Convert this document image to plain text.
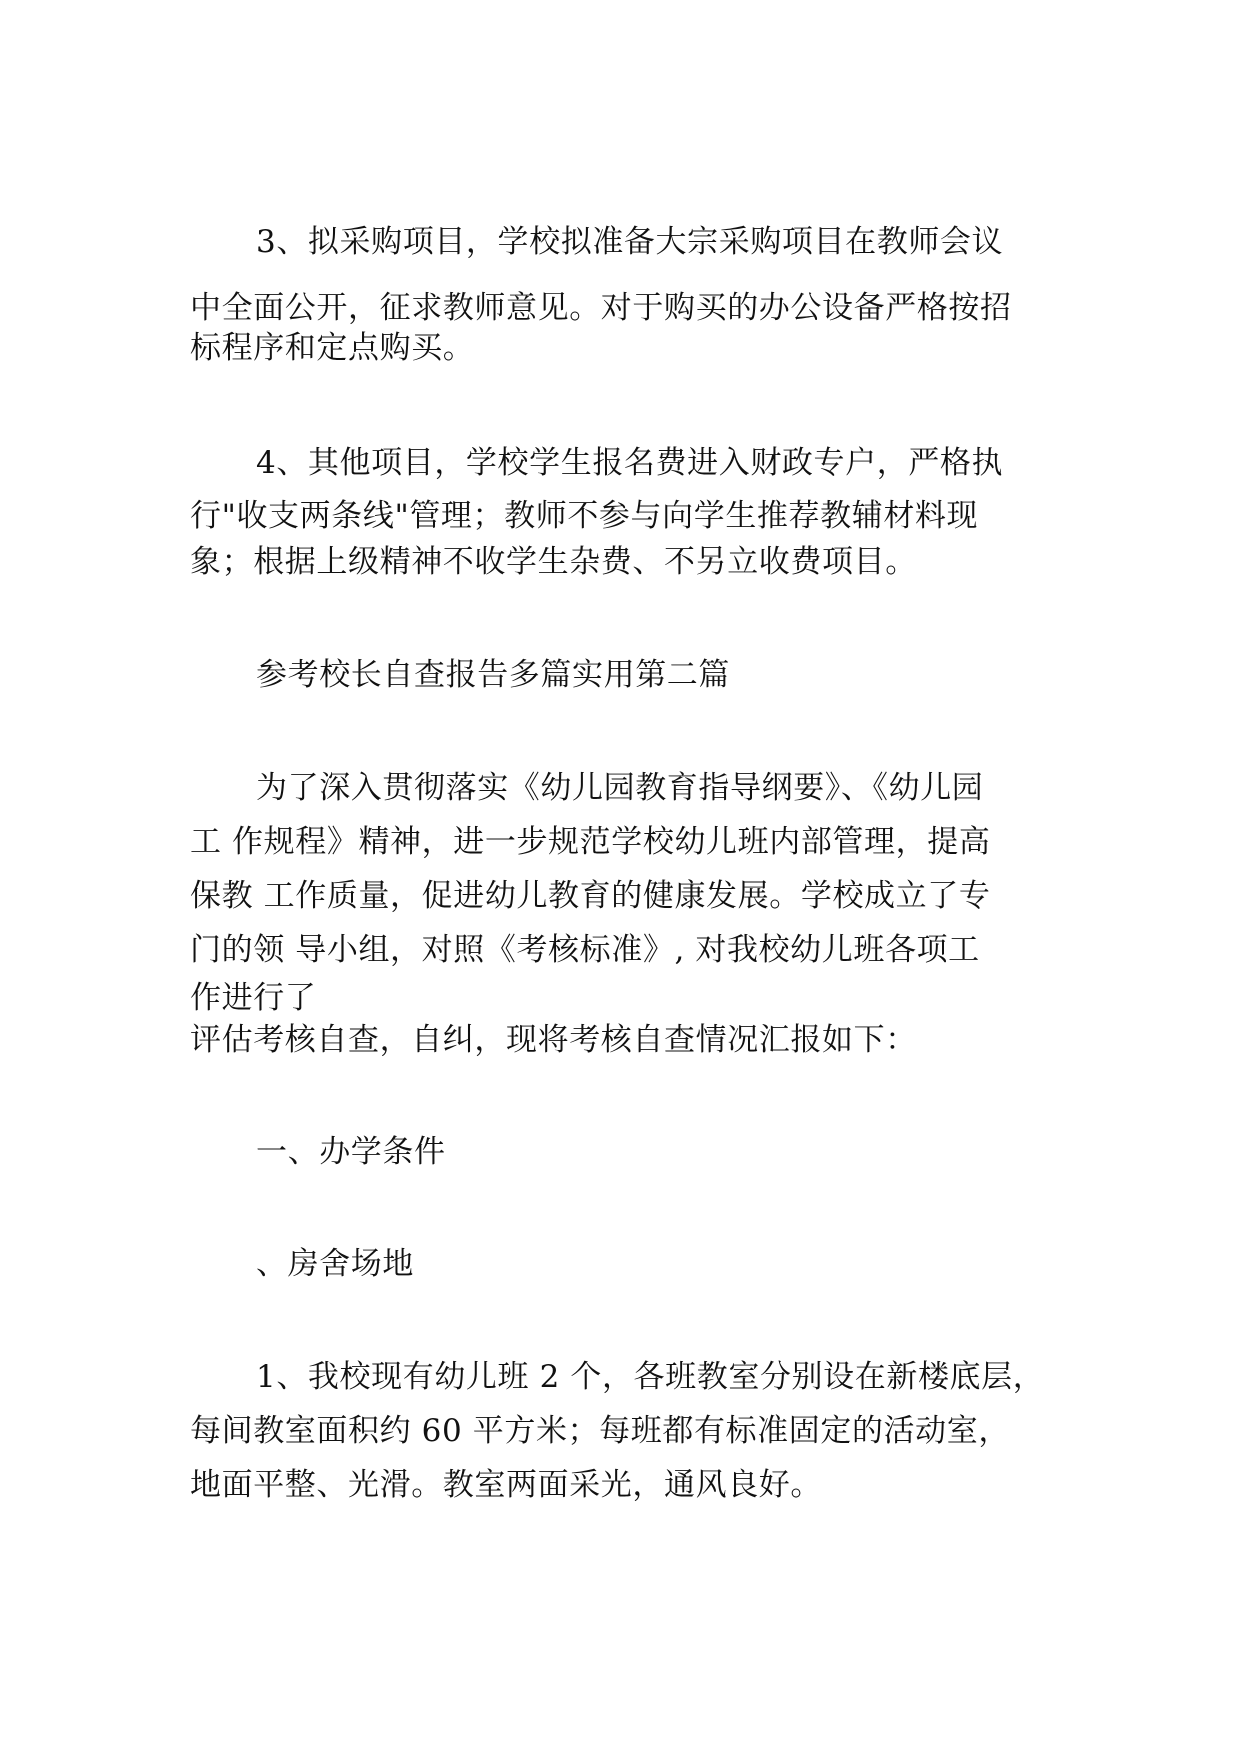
3、拟采购项目，学校拟准备大宗采购项目在教师会议
中全面公开，征求教师意见。对于购买的办公设备严格按招
标程序和定点购买。
4、其他项目，学校学生报名费进入财政专户，严格执
行"收支两条线"管理；教师不参与向学生推荐教辅材料现
象；根据上级精神不收学生杂费、不另立收费项目。
参考校长自查报告多篇实用第二篇
为了深入贯彻落实《幼儿园教育指导纲要》、《幼儿园
工 作规程》精神，进一步规范学校幼儿班内部管理，提高
保教 工作质量，促进幼儿教育的健康发展。学校成立了专
门的领 导小组，对照《考核标准》, 对我校幼儿班各项工
作进行了
评估考核自查，自纠，现将考核自查情况汇报如下：
一、办学条件
、房舍场地
1、我校现有幼儿班 2 个，各班教室分别设在新楼底层，
每间教室面积约 60 平方米；每班都有标准固定的活动室，
地面平整、光滑。教室两面采光，通风良好。
